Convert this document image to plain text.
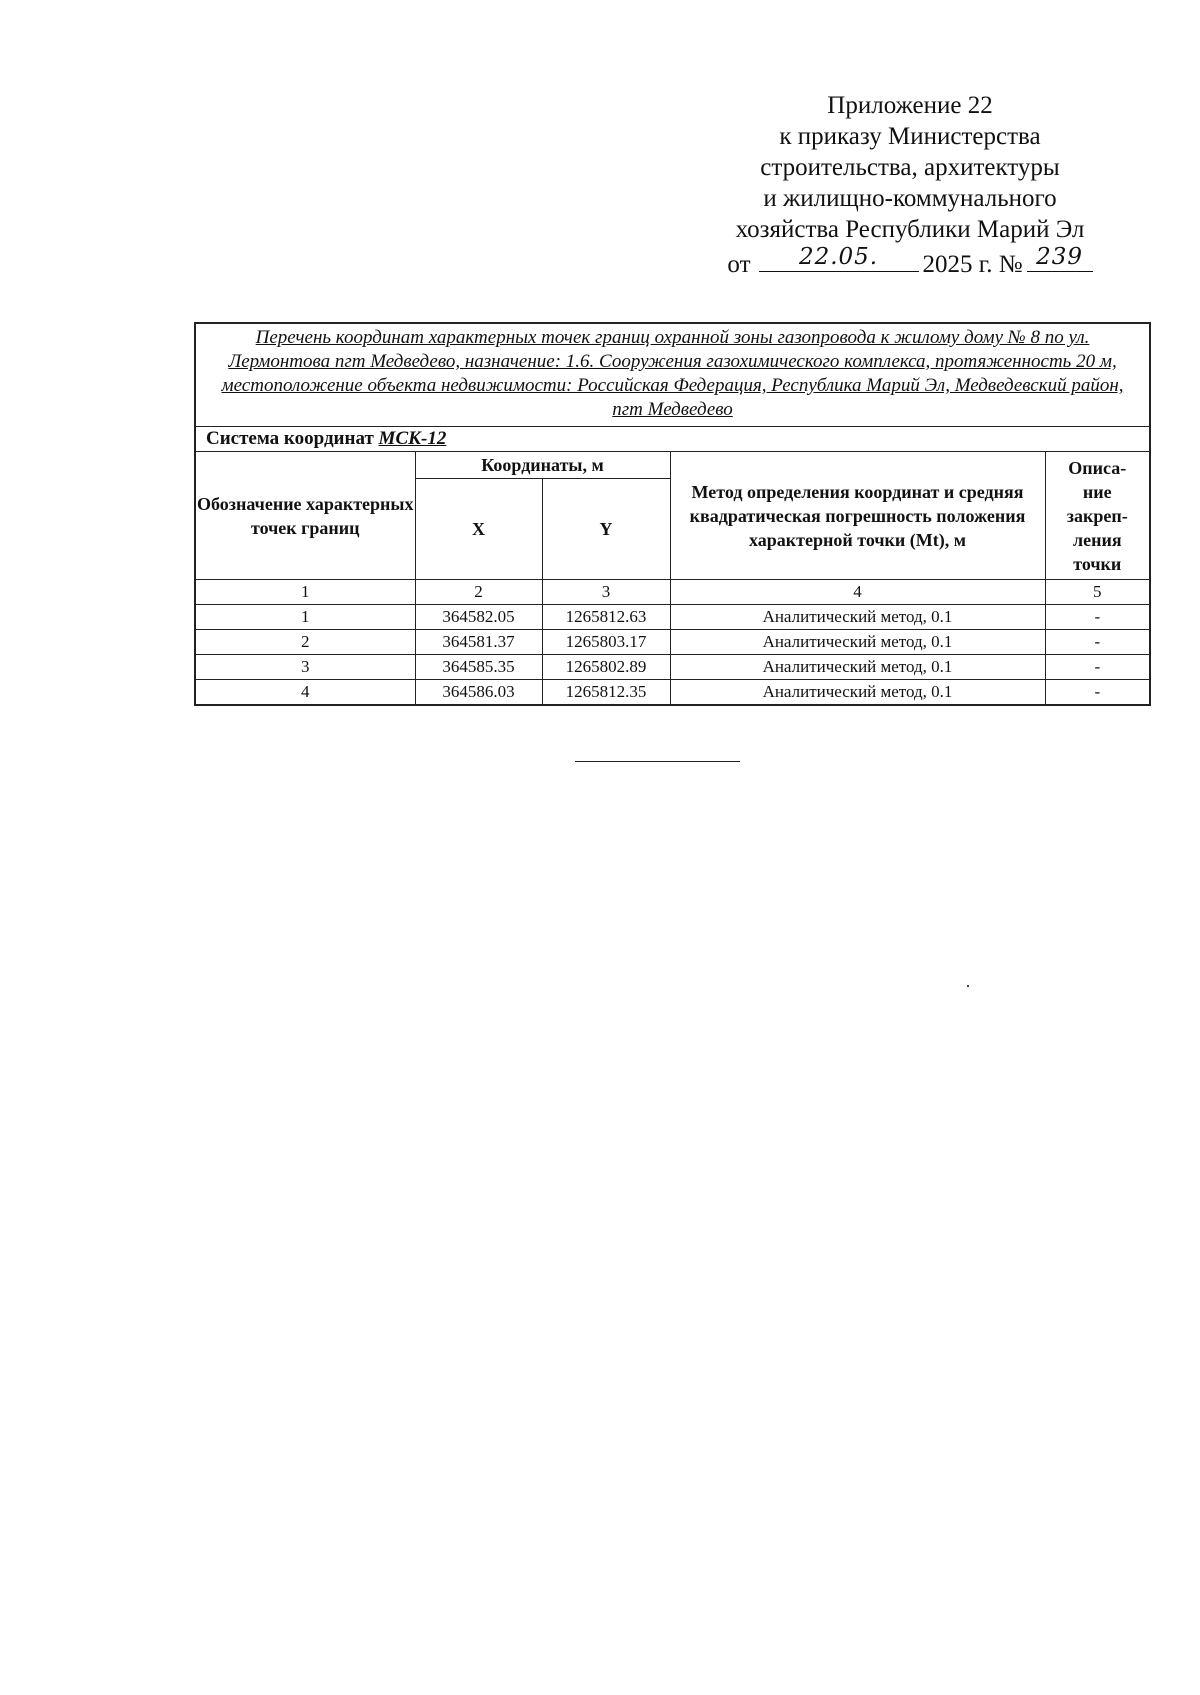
Приложение 22
к приказу Министерства
строительства, архитектуры
и жилищно-коммунального
хозяйства Республики Марий Эл
от	22.05.	2025 г. № 239
Перечень координат характерных точек границ охранной зоны газопровода к жилому дому № 8 по ул. Лермонтова пгт Медведево, назначение: 1.6. Сооружения газохимического комплекса, протяженность 20 м, местоположение объекта недвижимости: Российская Федерация, Республика Марий Эл, Медведевский район, пгт Медведево				
Система координат МСК-12				
Обозначение характерных точек границ	Координаты, м		Метод определения координат и средняя квадратическая погрешность положения характерной точки (Mt), м	Описа- ние закреп- ления точки
	X	Y		
1	2	3	4	5
1	364582.05	1265812.63	Аналитический метод, 0.1	-
2	364581.37	1265803.17	Аналитический метод, 0.1	-
3	364585.35	1265802.89	Аналитический метод, 0.1	-
4	364586.03	1265812.35	Аналитический метод, 0.1	-
